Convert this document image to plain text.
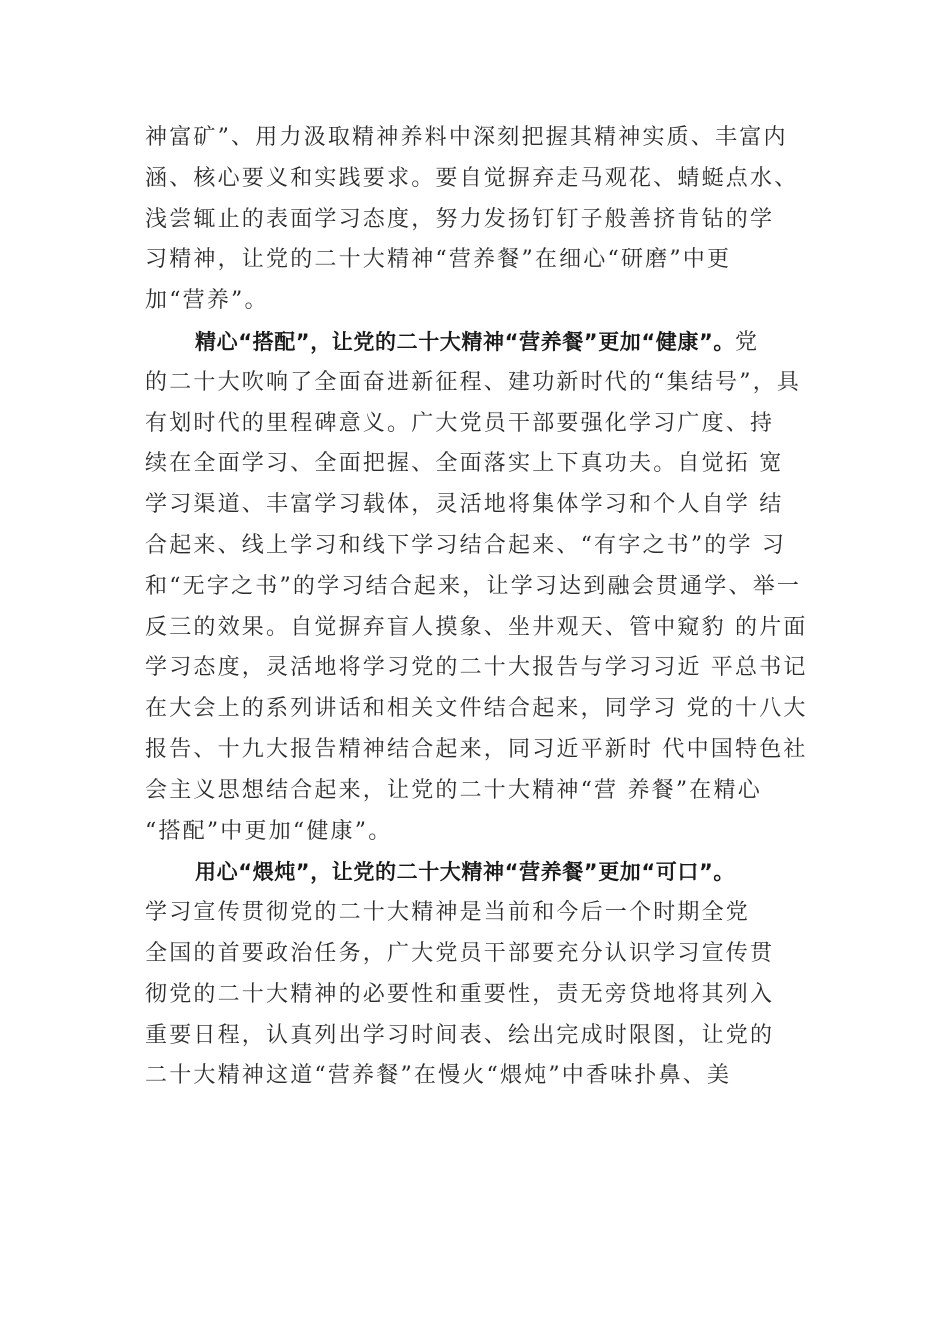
神富矿”、用力汲取精神养料中深刻把握其精神实质、丰富内
涵、核心要义和实践要求。要自觉摒弃走马观花、蜻蜓点水、
浅尝辄止的表面学习态度，努力发扬钉钉子般善挤肯钻的学
习精神，让党的二十大精神“营养餐”在细心“研磨”中更
加“营养”。
精心“搭配”，让党的二十大精神“营养餐”更加“健康”。党
的二十大吹响了全面奋进新征程、建功新时代的“集结号”，具
有划时代的里程碑意义。广大党员干部要强化学习广度、持
续在全面学习、全面把握、全面落实上下真功夫。自觉拓 宽
学习渠道、丰富学习载体，灵活地将集体学习和个人自学 结
合起来、线上学习和线下学习结合起来、“有字之书”的学 习
和“无字之书”的学习结合起来，让学习达到融会贯通学、举一
反三的效果。自觉摒弃盲人摸象、坐井观天、管中窥豹 的片面
学习态度，灵活地将学习党的二十大报告与学习习近 平总书记
在大会上的系列讲话和相关文件结合起来，同学习 党的十八大
报告、十九大报告精神结合起来，同习近平新时 代中国特色社
会主义思想结合起来，让党的二十大精神“营 养餐”在精心
“搭配”中更加“健康”。
用心“煨炖”，让党的二十大精神“营养餐”更加“可口”。
学习宣传贯彻党的二十大精神是当前和今后一个时期全党
全国的首要政治任务，广大党员干部要充分认识学习宣传贯
彻党的二十大精神的必要性和重要性，责无旁贷地将其列入
重要日程，认真列出学习时间表、绘出完成时限图，让党的
二十大精神这道“营养餐”在慢火“煨炖”中香味扑鼻、美
